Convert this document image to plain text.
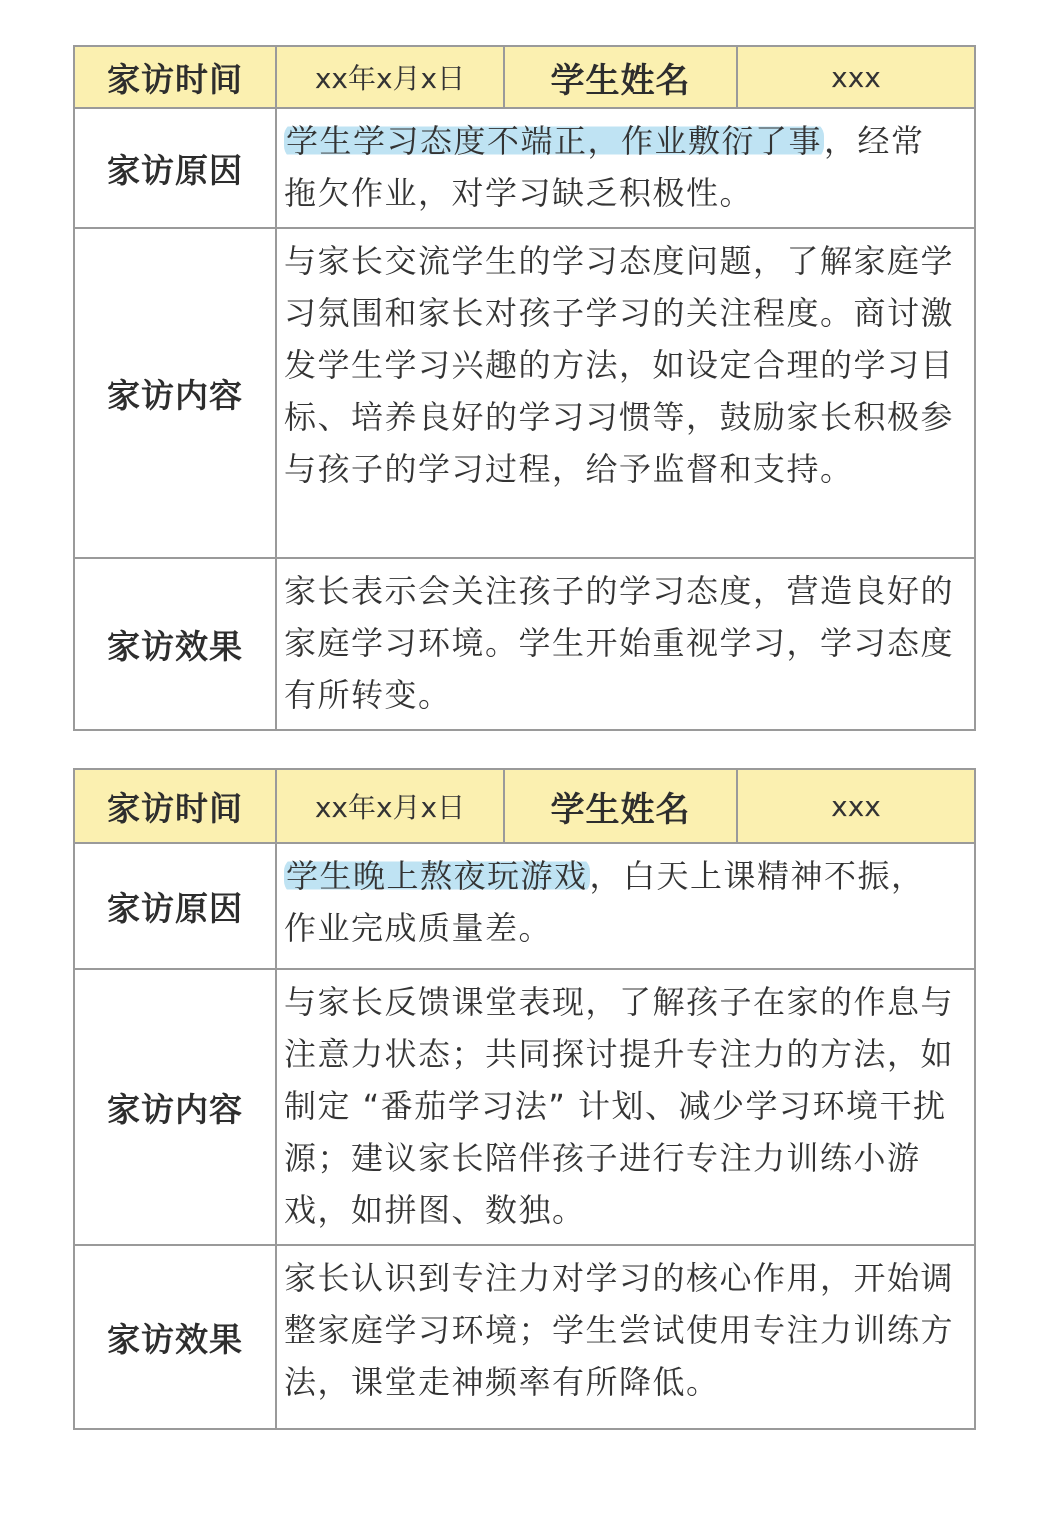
家访时间	xx年x月x日	学生姓名	xxx
家访原因	学生学习态度不端正，作业敷衍了事，经常拖欠作业，对学习缺乏积极性。		
家访内容	与家长交流学生的学习态度问题，了解家庭学习氛围和家长对孩子学习的关注程度。商讨激发学生学习兴趣的方法，如设定合理的学习目标、培养良好的学习习惯等，鼓励家长积极参与孩子的学习过程，给予监督和支持。		
家访效果	家长表示会关注孩子的学习态度，营造良好的家庭学习环境。学生开始重视学习，学习态度有所转变。		
家访时间	xx年x月x日	学生姓名	xxx
家访原因	学生晚上熬夜玩游戏，白天上课精神不振，作业完成质量差。		
家访内容	与家长反馈课堂表现，了解孩子在家的作息与注意力状态；共同探讨提升专注力的方法，如制定 “番茄学习法” 计划、减少学习环境干扰源；建议家长陪伴孩子进行专注力训练小游戏，如拼图、数独。		
家访效果	家长认识到专注力对学习的核心作用，开始调整家庭学习环境；学生尝试使用专注力训练方法，课堂走神频率有所降低。		
